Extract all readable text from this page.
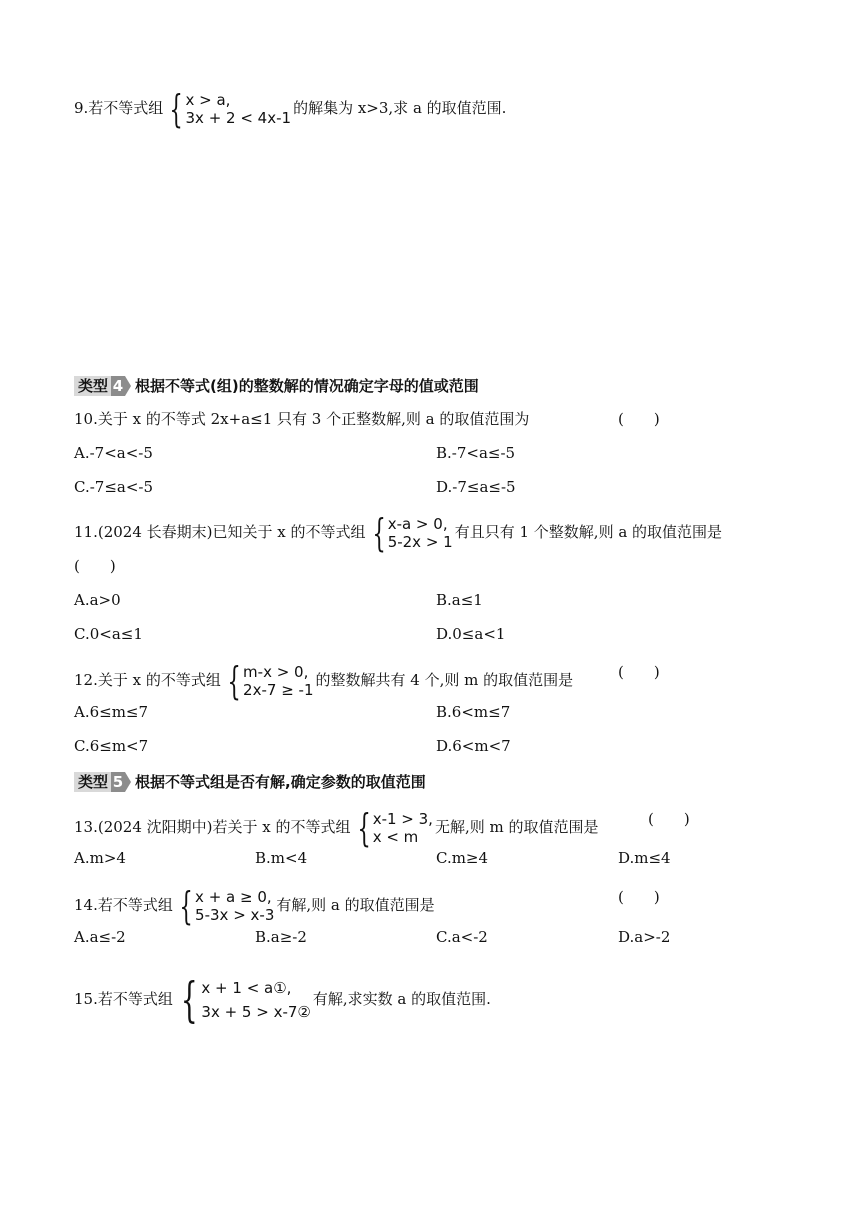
9.若不等式组 { x > a,
3x + 2 < 4x-1
的解集为 x>3,求 a 的取值范围.
类型 4 根据不等式(组)的整数解的情况确定字母的值或范围
10.关于 x 的不等式 2x+a≤1 只有 3 个正整数解,则 a 的取值范围为	(　　)
A.-7<a<-5	B.-7<a≤-5
C.-7≤a<-5	D.-7≤a≤-5
11.(2024 长春期末)已知关于 x 的不等式组 { x-a > 0,
5-2x > 1
有且只有 1 个整数解,则 a 的取值范围是
(　　)
A.a>0	B.a≤1
C.0<a≤1	D.0≤a<1
12.关于 x 的不等式组 { m-x > 0,
2x-7 ≥ -1
的整数解共有 4 个,则 m 的取值范围是	(　　)
A.6≤m≤7	B.6<m≤7
C.6≤m<7	D.6<m<7
类型 5 根据不等式组是否有解,确定参数的取值范围
13.(2024 沈阳期中)若关于 x 的不等式组 { x-1 > 3,
x < m
无解,则 m 的取值范围是	(　　)
A.m>4	B.m<4	C.m≥4	D.m≤4
14.若不等式组 { x + a ≥ 0,
5-3x > x-3
有解,则 a 的取值范围是	(　　)
A.a≤-2	B.a≥-2	C.a<-2	D.a>-2
15.若不等式组 { x + 1 < a①,
3x + 5 > x-7②
有解,求实数 a 的取值范围.
